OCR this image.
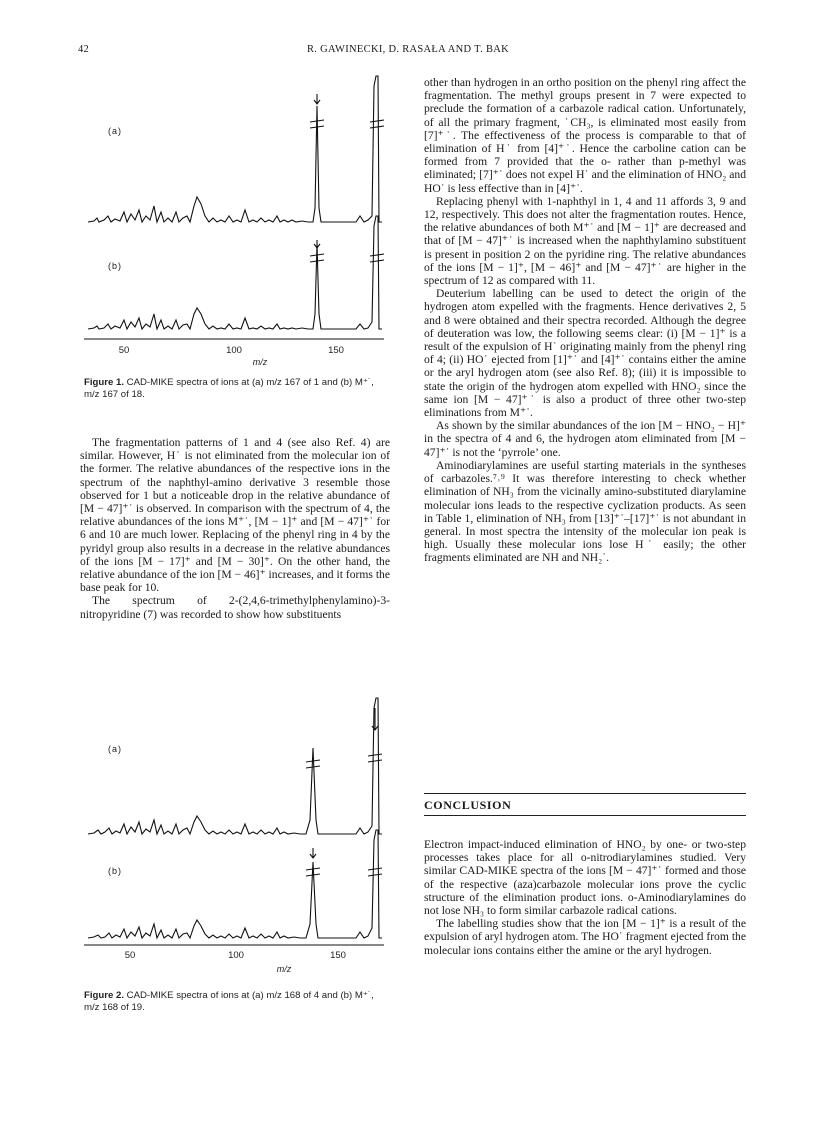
42	R. GAWINECKI, D. RASAŁA AND T. BAK
(a)
(b)
50	100	150
m/z
Figure 1. CAD-MIKE spectra of ions at (a) m/z 167 of 1 and (b) M⁺˙, m/z 167 of 18.

The fragmentation patterns of 1 and 4 (see also Ref. 4) are similar. However, H˙ is not eliminated from the molecular ion of the former. The relative abundances of the respective ions in the spectrum of the naphthyl-amino derivative 3 resemble those observed for 1 but a noticeable drop in the relative abundance of [M − 47]⁺˙ is observed. In comparison with the spectrum of 4, the relative abundances of the ions M⁺˙, [M − 1]⁺ and [M − 47]⁺˙ for 6 and 10 are much lower. Replacing of the phenyl ring in 4 by the pyridyl group also results in a decrease in the relative abundances of the ions [M − 17]⁺ and [M − 30]⁺. On the other hand, the relative abundance of the ion [M − 46]⁺ increases, and it forms the base peak for 10.

The spectrum of 2-(2,4,6-trimethylphenylamino)-3-nitropyridine (7) was recorded to show how substituents

(a)
(b)
50	100	150
m/z
Figure 2. CAD-MIKE spectra of ions at (a) m/z 168 of 4 and (b) M⁺˙, m/z 168 of 19.

other than hydrogen in an ortho position on the phenyl ring affect the fragmentation. The methyl groups present in 7 were expected to preclude the formation of a carbazole radical cation. Unfortunately, of all the primary fragment, ˙CH₃, is eliminated most easily from [7]⁺˙. The effectiveness of the process is comparable to that of elimination of H˙ from [4]⁺˙. Hence the carboline cation can be formed from 7 provided that the o- rather than p-methyl was eliminated; [7]⁺˙ does not expel H˙ and the elimination of HNO₂ and HO˙ is less effective than in [4]⁺˙.

Replacing phenyl with 1-naphthyl in 1, 4 and 11 affords 3, 9 and 12, respectively. This does not alter the fragmentation routes. Hence, the relative abundances of both M⁺˙ and [M − 1]⁺ are decreased and that of [M − 47]⁺˙ is increased when the naphthylamino substituent is present in position 2 on the pyridine ring. The relative abundances of the ions [M − 1]⁺, [M − 46]⁺ and [M − 47]⁺˙ are higher in the spectrum of 12 as compared with 11.

Deuterium labelling can be used to detect the origin of the hydrogen atom expelled with the fragments. Hence derivatives 2, 5 and 8 were obtained and their spectra recorded. Although the degree of deuteration was low, the following seems clear: (i) [M − 1]⁺ is a result of the expulsion of H˙ originating mainly from the phenyl ring of 4; (ii) HO˙ ejected from [1]⁺˙ and [4]⁺˙ contains either the amine or the aryl hydrogen atom (see also Ref. 8); (iii) it is impossible to state the origin of the hydrogen atom expelled with HNO₂ since the same ion [M − 47]⁺˙ is also a product of three other two-step eliminations from M⁺˙.

As shown by the similar abundances of the ion [M − HNO₂ − H]⁺ in the spectra of 4 and 6, the hydrogen atom eliminated from [M − 47]⁺˙ is not the ‘pyrrole’ one.

Aminodiarylamines are useful starting materials in the syntheses of carbazoles.⁷˒⁹ It was therefore interesting to check whether elimination of NH₃ from the vicinally amino-substituted diarylamine molecular ions leads to the respective cyclization products. As seen in Table 1, elimination of NH₃ from [13]⁺˙–[17]⁺˙ is not abundant in general. In most spectra the intensity of the molecular ion peak is high. Usually these molecular ions lose H˙ easily; the other fragments eliminated are NH and NH₂˙.

CONCLUSION

Electron impact-induced elimination of HNO₂ by one- or two-step processes takes place for all o-nitrodiarylamines studied. Very similar CAD-MIKE spectra of the ions [M − 47]⁺˙ formed and those of the respective (aza)carbazole molecular ions prove the cyclic structure of the elimination product ions. o-Aminodiarylamines do not lose NH₃ to form similar carbazole radical cations.

The labelling studies show that the ion [M − 1]⁺ is a result of the expulsion of aryl hydrogen atom. The HO˙ fragment ejected from the molecular ions contains either the amine or the aryl hydrogen.
